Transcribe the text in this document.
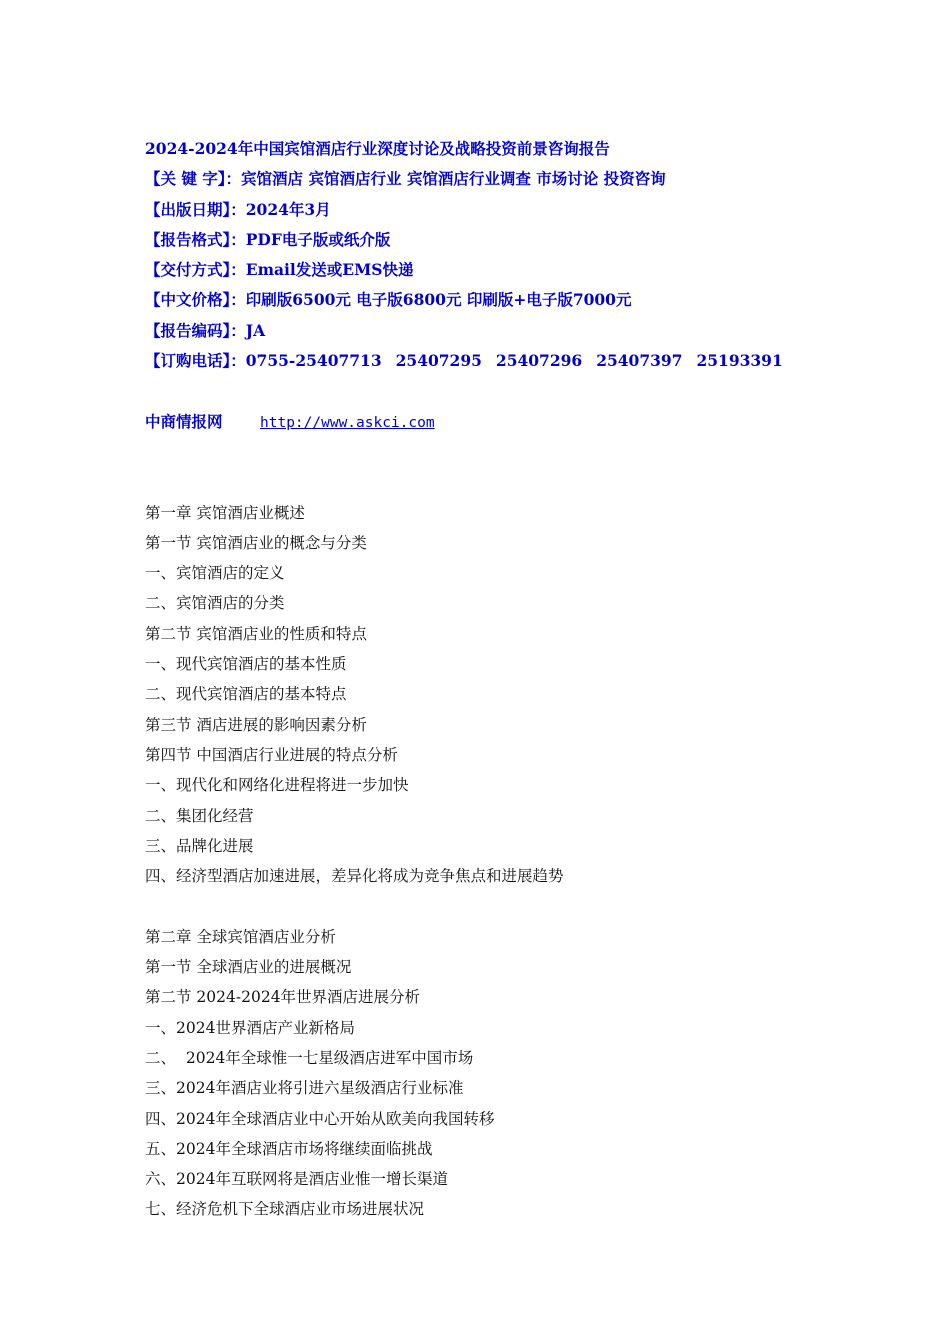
2024-2024年中国宾馆酒店行业深度讨论及战略投资前景咨询报告
【关 键 字】：宾馆酒店 宾馆酒店行业 宾馆酒店行业调查 市场讨论 投资咨询
【出版日期】：2024年3月
【报告格式】：PDF电子版或纸介版
【交付方式】：Email发送或EMS快递
【中文价格】：印刷版6500元 电子版6800元 印刷版+电子版7000元
【报告编码】：JA
【订购电话】：0755-25407713 25407295 25407296 25407397 25193391
中商情报网	http://www.askci.com
第一章 宾馆酒店业概述
第一节 宾馆酒店业的概念与分类
一、宾馆酒店的定义
二、宾馆酒店的分类
第二节 宾馆酒店业的性质和特点
一、现代宾馆酒店的基本性质
二、现代宾馆酒店的基本特点
第三节 酒店进展的影响因素分析
第四节 中国酒店行业进展的特点分析
一、现代化和网络化进程将进一步加快
二、集团化经营
三、品牌化进展
四、经济型酒店加速进展，差异化将成为竞争焦点和进展趋势
第二章 全球宾馆酒店业分析
第一节 全球酒店业的进展概况
第二节 2024-2024年世界酒店进展分析
一、2024世界酒店产业新格局
二、  2024年全球惟一七星级酒店进军中国市场
三、2024年酒店业将引进六星级酒店行业标准
四、2024年全球酒店业中心开始从欧美向我国转移
五、2024年全球酒店市场将继续面临挑战
六、2024年互联网将是酒店业惟一增长渠道
七、经济危机下全球酒店业市场进展状况
